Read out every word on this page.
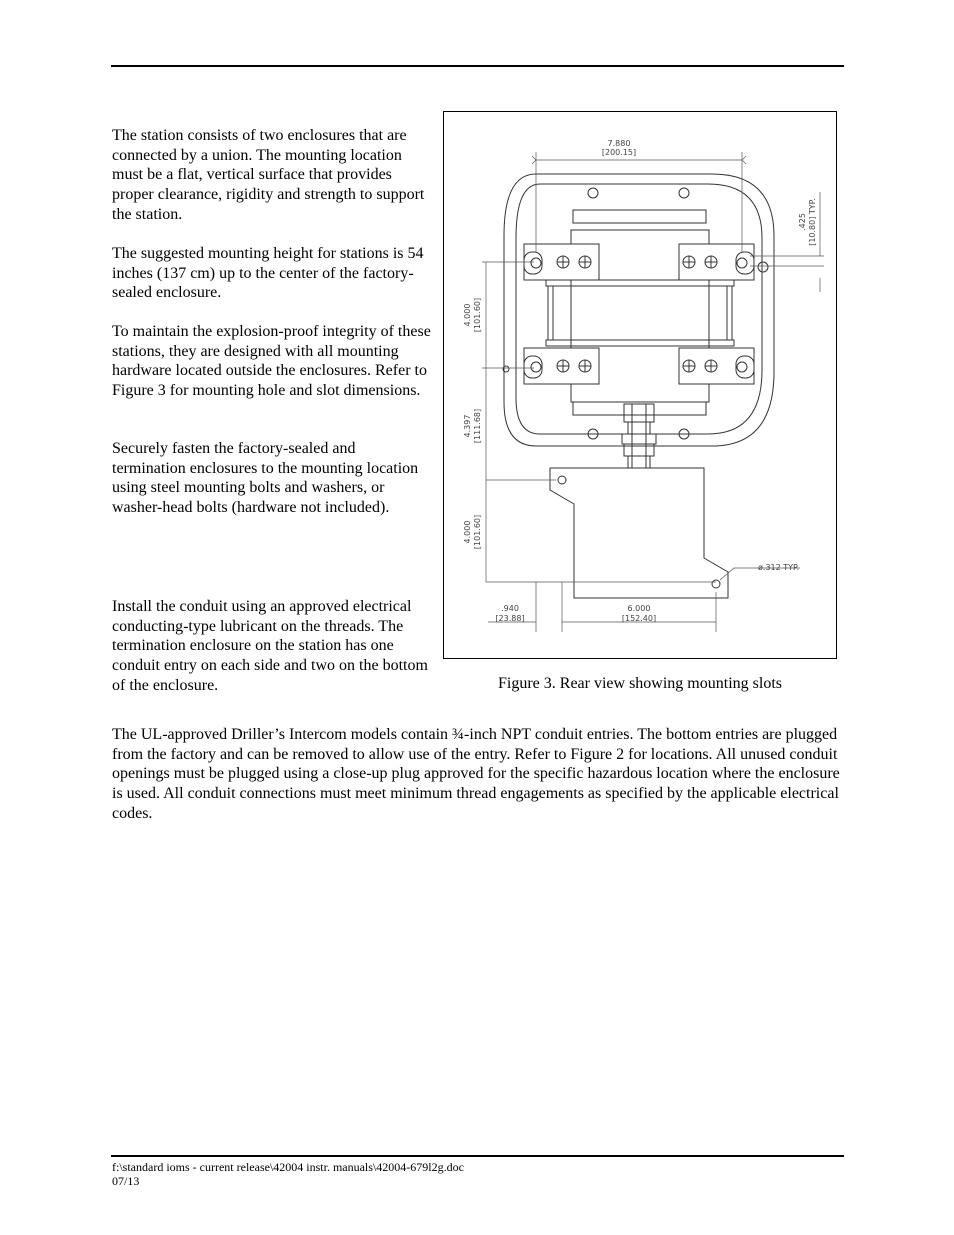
The station consists of two enclosures that are connected by a union. The mounting location must be a flat, vertical surface that provides proper clearance, rigidity and strength to support the station.

The suggested mounting height for stations is 54 inches (137 cm) up to the center of the factory-sealed enclosure.

To maintain the explosion-proof integrity of these stations, they are designed with all mounting hardware located outside the enclosures. Refer to Figure 3 for mounting hole and slot dimensions.

Securely fasten the factory-sealed and termination enclosures to the mounting location using steel mounting bolts and washers, or washer-head bolts (hardware not included).

Install the conduit using an approved electrical conducting-type lubricant on the threads. The termination enclosure on the station has one conduit entry on each side and two on the bottom of the enclosure.

7.880
[200.15]
.425 [10.80] TYP.
4.000 [101.60]
4.397 [111.68]
4.000 [101.60]
ø.312 TYP.
.940
[23.88]
6.000
[152.40]
Figure 3. Rear view showing mounting slots

The UL-approved Driller’s Intercom models contain ¾-inch NPT conduit entries. The bottom entries are plugged from the factory and can be removed to allow use of the entry. Refer to Figure 2 for locations. All unused conduit openings must be plugged using a close-up plug approved for the specific hazardous location where the enclosure is used. All conduit connections must meet minimum thread engagements as specified by the applicable electrical codes.

f:\standard ioms - current release\42004 instr. manuals\42004-679l2g.doc
07/13
